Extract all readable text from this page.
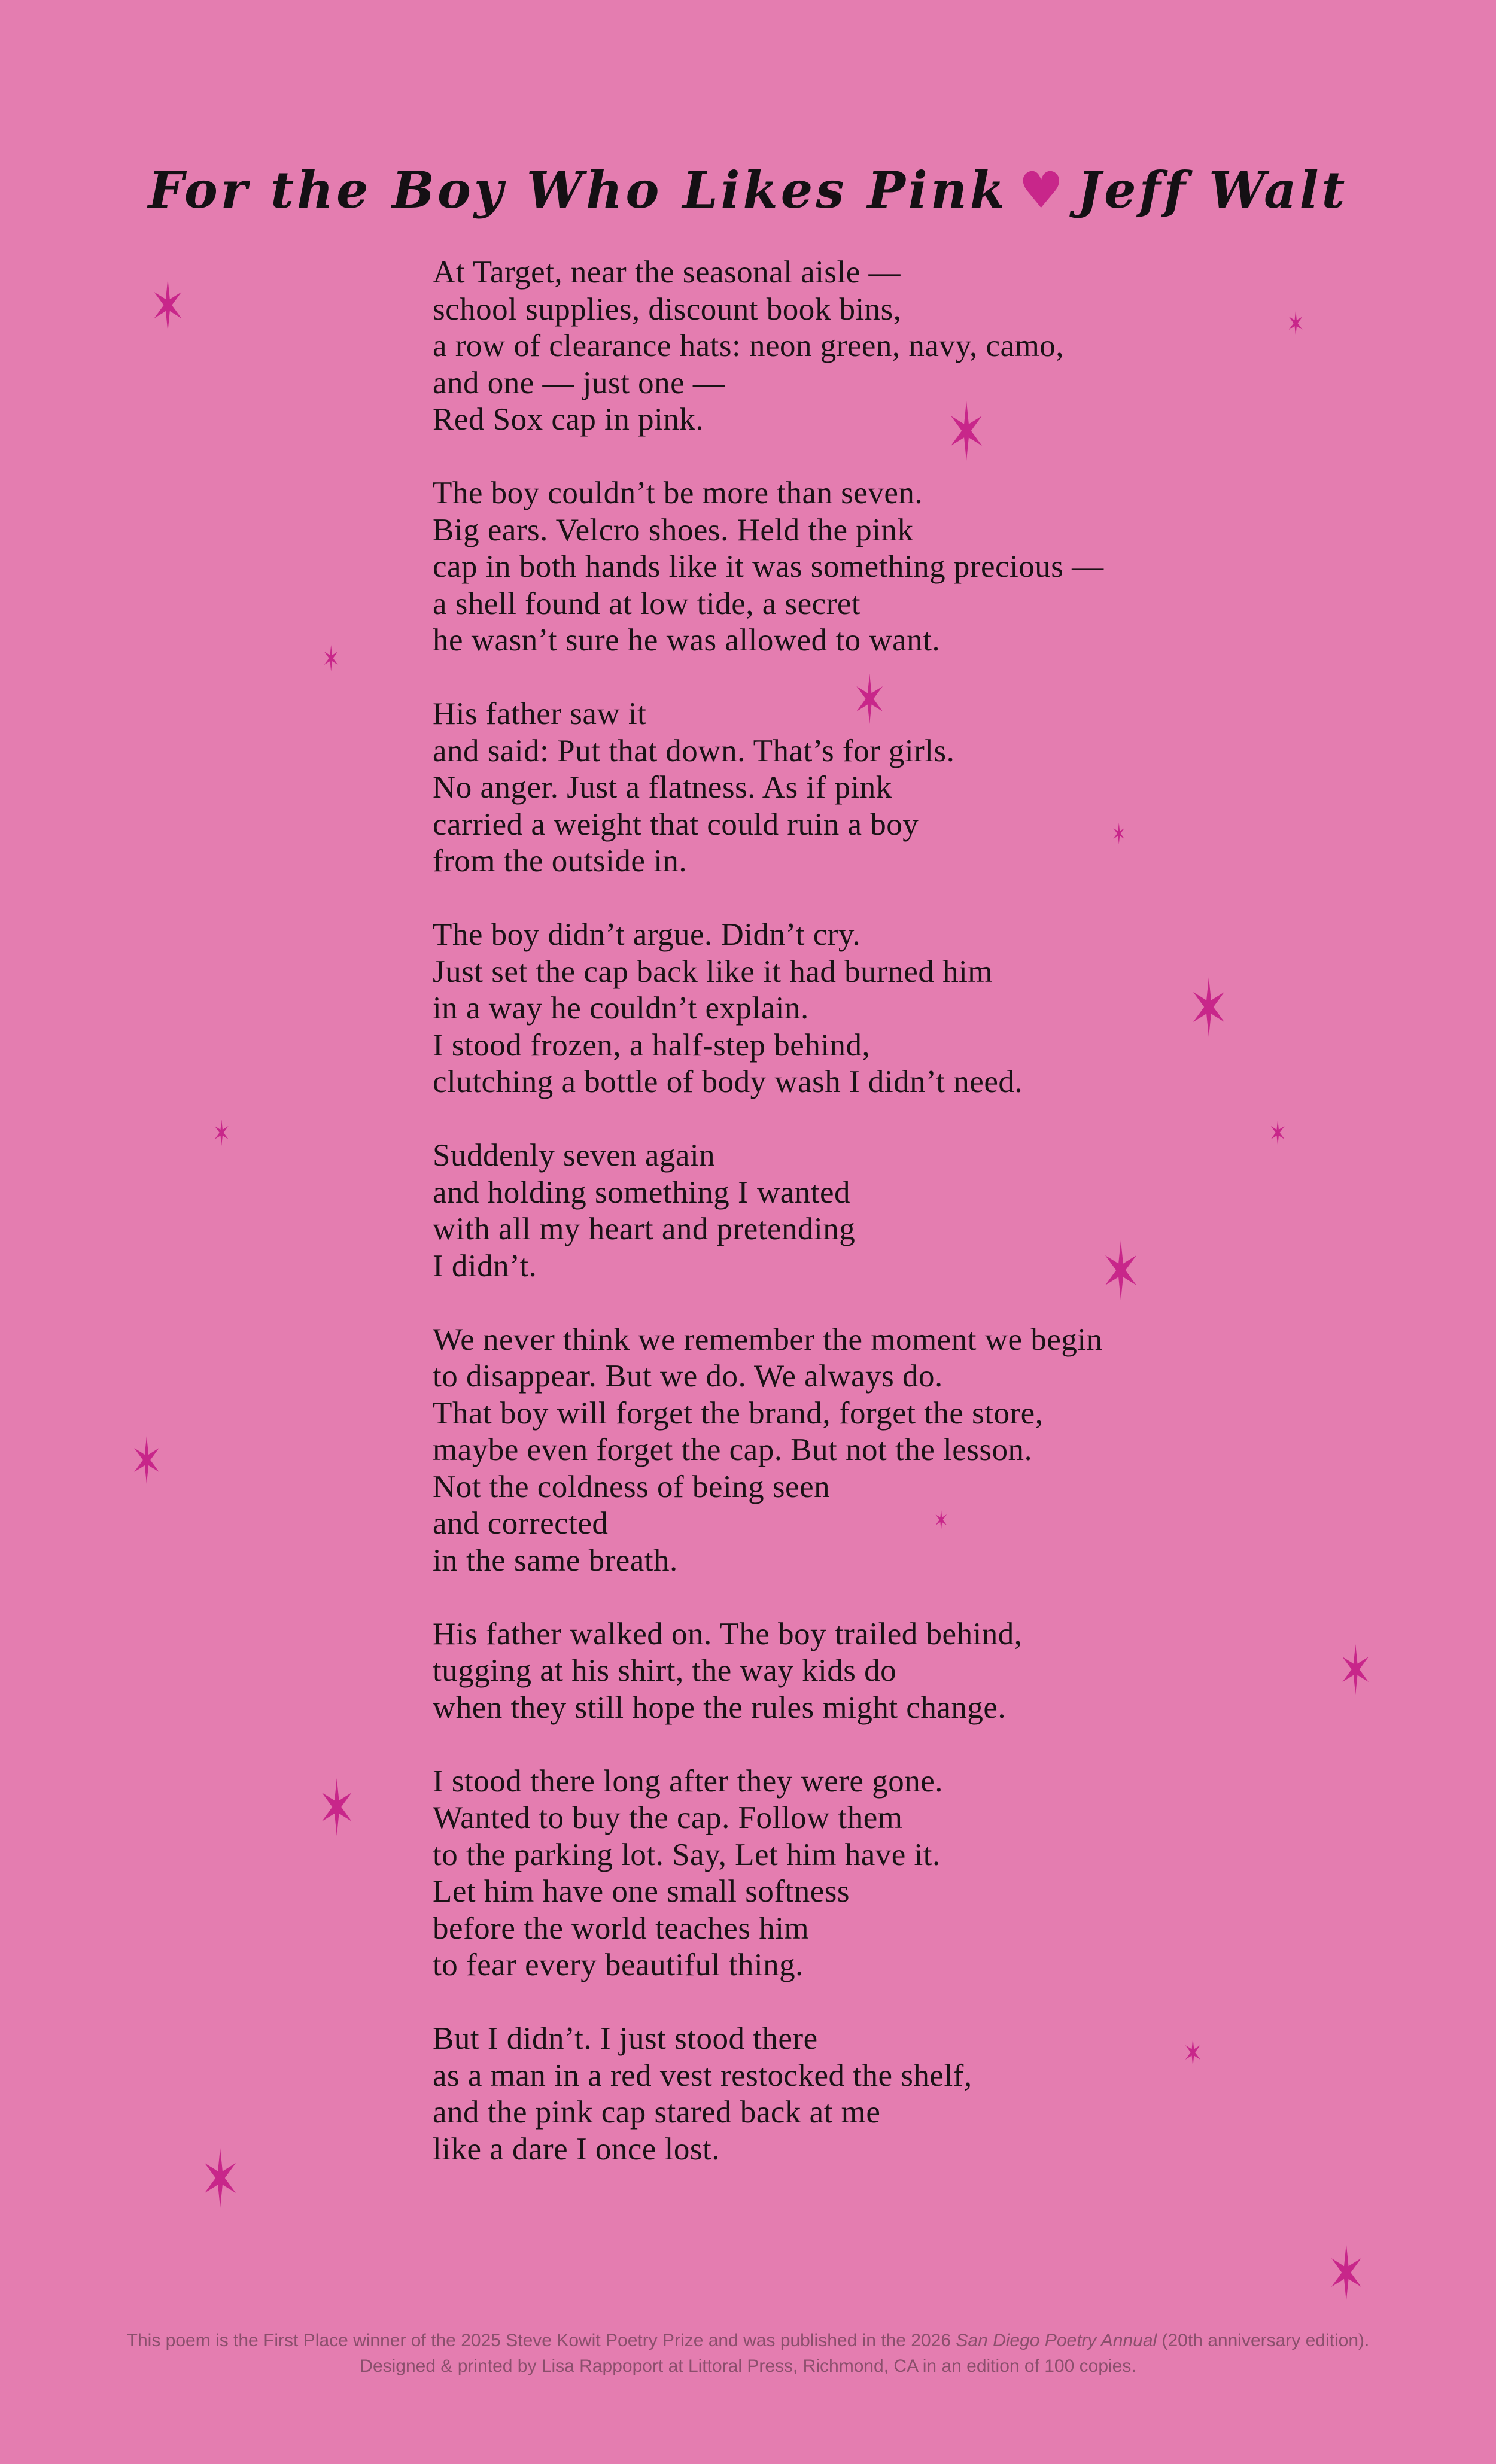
For the Boy Who Likes Pink ♥ Jeff Walt
At Target, near the seasonal aisle —
school supplies, discount book bins,
a row of clearance hats: neon green, navy, camo,
and one — just one —
Red Sox cap in pink.
The boy couldn’t be more than seven.
Big ears. Velcro shoes. Held the pink
cap in both hands like it was something precious —
a shell found at low tide, a secret
he wasn’t sure he was allowed to want.
His father saw it
and said: Put that down. That’s for girls.
No anger. Just a flatness. As if pink
carried a weight that could ruin a boy
from the outside in.
The boy didn’t argue. Didn’t cry.
Just set the cap back like it had burned him
in a way he couldn’t explain.
I stood frozen, a half-step behind,
clutching a bottle of body wash I didn’t need.
Suddenly seven again
and holding something I wanted
with all my heart and pretending
I didn’t.
We never think we remember the moment we begin
to disappear. But we do. We always do.
That boy will forget the brand, forget the store,
maybe even forget the cap. But not the lesson.
Not the coldness of being seen
and corrected
in the same breath.
His father walked on. The boy trailed behind,
tugging at his shirt, the way kids do
when they still hope the rules might change.
I stood there long after they were gone.
Wanted to buy the cap. Follow them
to the parking lot. Say, Let him have it.
Let him have one small softness
before the world teaches him
to fear every beautiful thing.
But I didn’t. I just stood there
as a man in a red vest restocked the shelf,
and the pink cap stared back at me
like a dare I once lost.
This poem is the First Place winner of the 2025 Steve Kowit Poetry Prize and was published in the 2026 San Diego Poetry Annual (20th anniversary edition).
Designed & printed by Lisa Rappoport at Littoral Press, Richmond, CA in an edition of 100 copies.
